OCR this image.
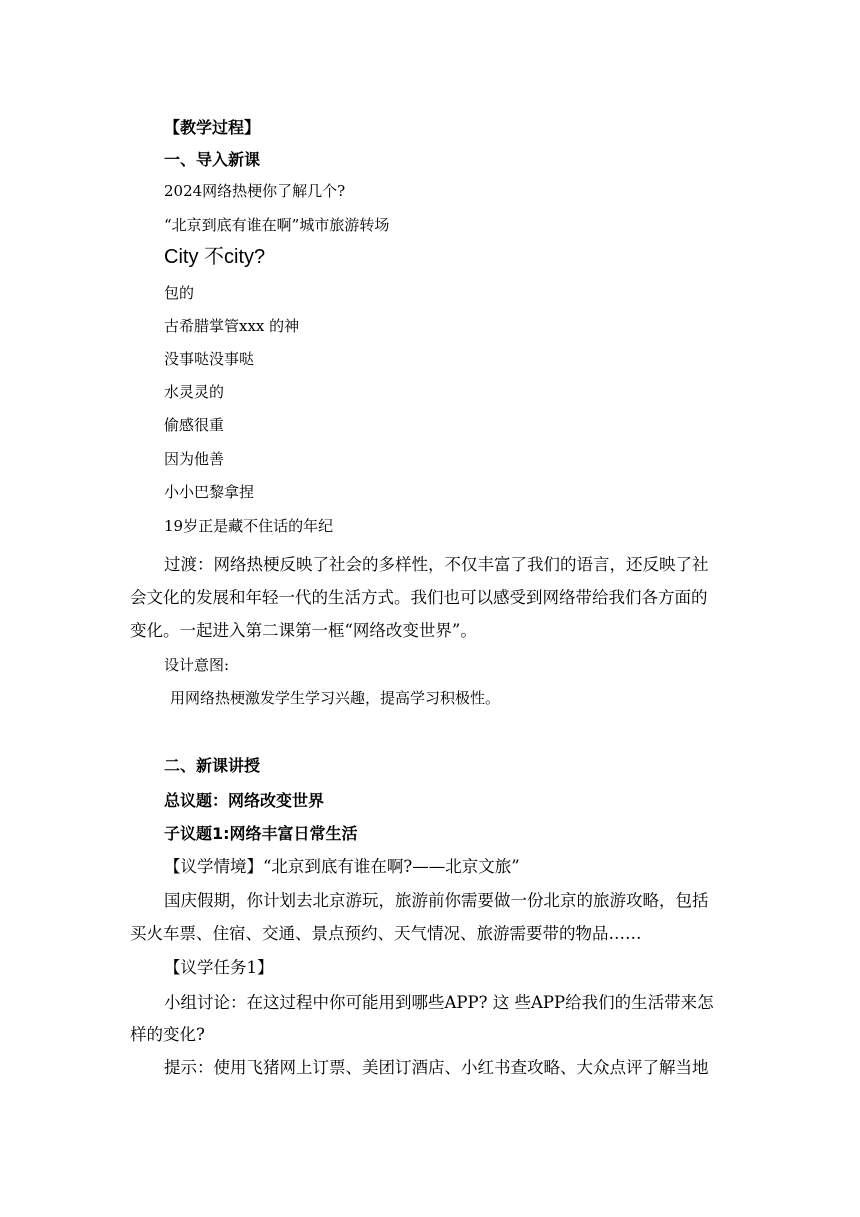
【教学过程】
一、导入新课
2024网络热梗你了解几个?
“北京到底有谁在啊”城市旅游转场
City 不city?
包的
古希腊掌管xxx 的神
没事哒没事哒
水灵灵的
偷感很重
因为他善
小小巴黎拿捏
19岁正是藏不住话的年纪
过渡：网络热梗反映了社会的多样性，不仅丰富了我们的语言，还反映了社
会文化的发展和年轻一代的生活方式。我们也可以感受到网络带给我们各方面的
变化。一起进入第二课第一框“网络改变世界”。
设计意图:
用网络热梗激发学生学习兴趣，提高学习积极性。
二、新课讲授
总议题：网络改变世界
子议题1:网络丰富日常生活
【议学情境】“北京到底有谁在啊?——北京文旅”
国庆假期，你计划去北京游玩，旅游前你需要做一份北京的旅游攻略，包括
买火车票、住宿、交通、景点预约、天气情况、旅游需要带的物品……
【议学任务1】
小组讨论：在这过程中你可能用到哪些APP? 这 些APP给我们的生活带来怎
样的变化?
提示：使用飞猪网上订票、美团订酒店、小红书查攻略、大众点评了解当地
